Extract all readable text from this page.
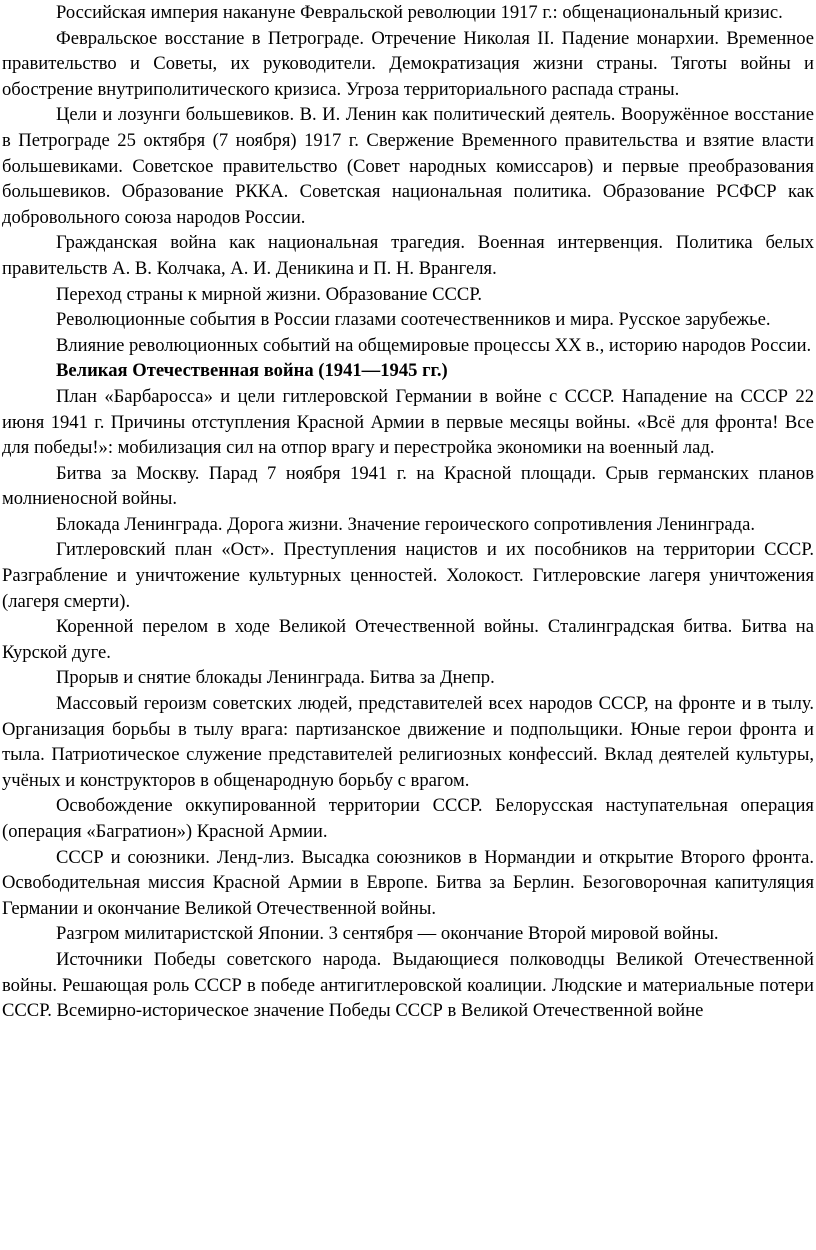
Российская империя накануне Февральской революции 1917 г.: общенациональный кризис.

Февральское восстание в Петрограде. Отречение Николая II. Падение монархии. Временное правительство и Советы, их руководители. Демократизация жизни страны. Тяготы войны и обострение внутриполитического кризиса. Угроза территориального распада страны.

Цели и лозунги большевиков. В. И. Ленин как политический деятель. Вооружённое восстание в Петрограде 25 октября (7 ноября) 1917 г. Свержение Временного правительства и взятие власти большевиками. Советское правительство (Совет народных комиссаров) и первые преобразования большевиков. Образование РККА. Советская национальная политика. Образование РСФСР как добровольного союза народов России.

Гражданская война как национальная трагедия. Военная интервенция. Политика белых правительств А. В. Колчака, А. И. Деникина и П. Н. Врангеля.

Переход страны к мирной жизни. Образование СССР.

Революционные события в России глазами соотечественников и мира. Русское зарубежье.

Влияние революционных событий на общемировые процессы XX в., историю народов России.

Великая Отечественная война (1941—1945 гг.)

План «Барбаросса» и цели гитлеровской Германии в войне с СССР. Нападение на СССР 22 июня 1941 г. Причины отступления Красной Армии в первые месяцы войны. «Всё для фронта! Все для победы!»: мобилизация сил на отпор врагу и перестройка экономики на военный лад.

Битва за Москву. Парад 7 ноября 1941 г. на Красной площади. Срыв германских планов молниеносной войны.

Блокада Ленинграда. Дорога жизни. Значение героического сопротивления Ленинграда.

Гитлеровский план «Ост». Преступления нацистов и их пособников на территории СССР. Разграбление и уничтожение культурных ценностей. Холокост. Гитлеровские лагеря уничтожения (лагеря смерти).

Коренной перелом в ходе Великой Отечественной войны. Сталинградская битва. Битва на Курской дуге.

Прорыв и снятие блокады Ленинграда. Битва за Днепр.

Массовый героизм советских людей, представителей всех народов СССР, на фронте и в тылу. Организация борьбы в тылу врага: партизанское движение и подпольщики. Юные герои фронта и тыла. Патриотическое служение представителей религиозных конфессий. Вклад деятелей культуры, учёных и конструкторов в общенародную борьбу с врагом.

Освобождение оккупированной территории СССР. Белорусская наступательная операция (операция «Багратион») Красной Армии.

СССР и союзники. Ленд-лиз. Высадка союзников в Нормандии и открытие Второго фронта. Освободительная миссия Красной Армии в Европе. Битва за Берлин. Безоговорочная капитуляция Германии и окончание Великой Отечественной войны.

Разгром милитаристской Японии. 3 сентября — окончание Второй мировой войны.

Источники Победы советского народа. Выдающиеся полководцы Великой Отечественной войны. Решающая роль СССР в победе антигитлеровской коалиции. Людские и материальные потери СССР. Всемирно-историческое значение Победы СССР в Великой Отечественной войне
